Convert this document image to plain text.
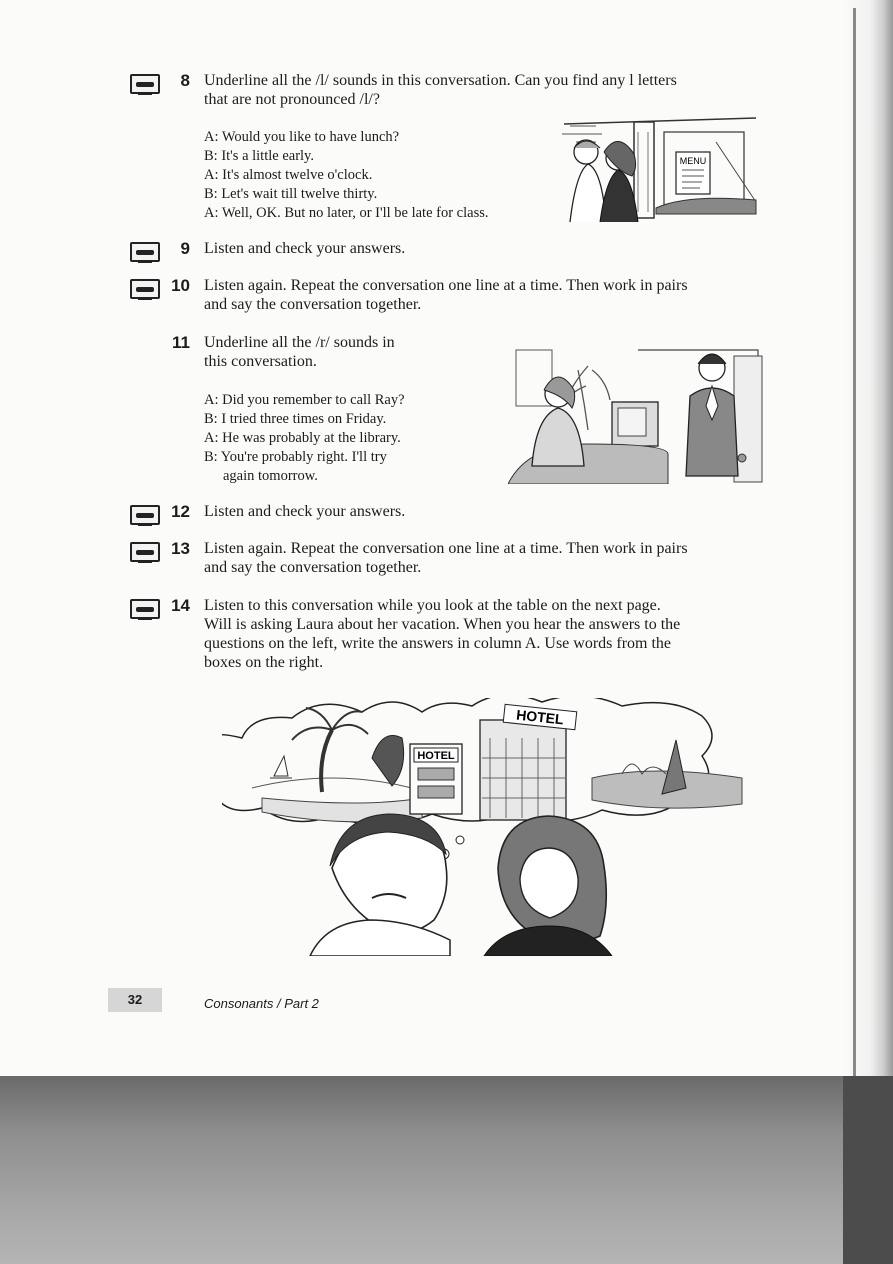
8 Underline all the /l/ sounds in this conversation. Can you find any l letters
that are not pronounced /l/?
A: Would you like to have lunch?
B: It's a little early.
A: It's almost twelve o'clock.
B: Let's wait till twelve thirty.
A: Well, OK. But no later, or I'll be late for class.
MENU
9 Listen and check your answers.
10 Listen again. Repeat the conversation one line at a time. Then work in pairs
and say the conversation together.
11 Underline all the /r/ sounds in
this conversation.
A: Did you remember to call Ray?
B: I tried three times on Friday.
A: He was probably at the library.
B: You're probably right. I'll try
again tomorrow.
12 Listen and check your answers.
13 Listen again. Repeat the conversation one line at a time. Then work in pairs
and say the conversation together.
14 Listen to this conversation while you look at the table on the next page.
Will is asking Laura about her vacation. When you hear the answers to the
questions on the left, write the answers in column A. Use words from the
boxes on the right.
HOTEL
HOTEL
32	Consonants / Part 2
